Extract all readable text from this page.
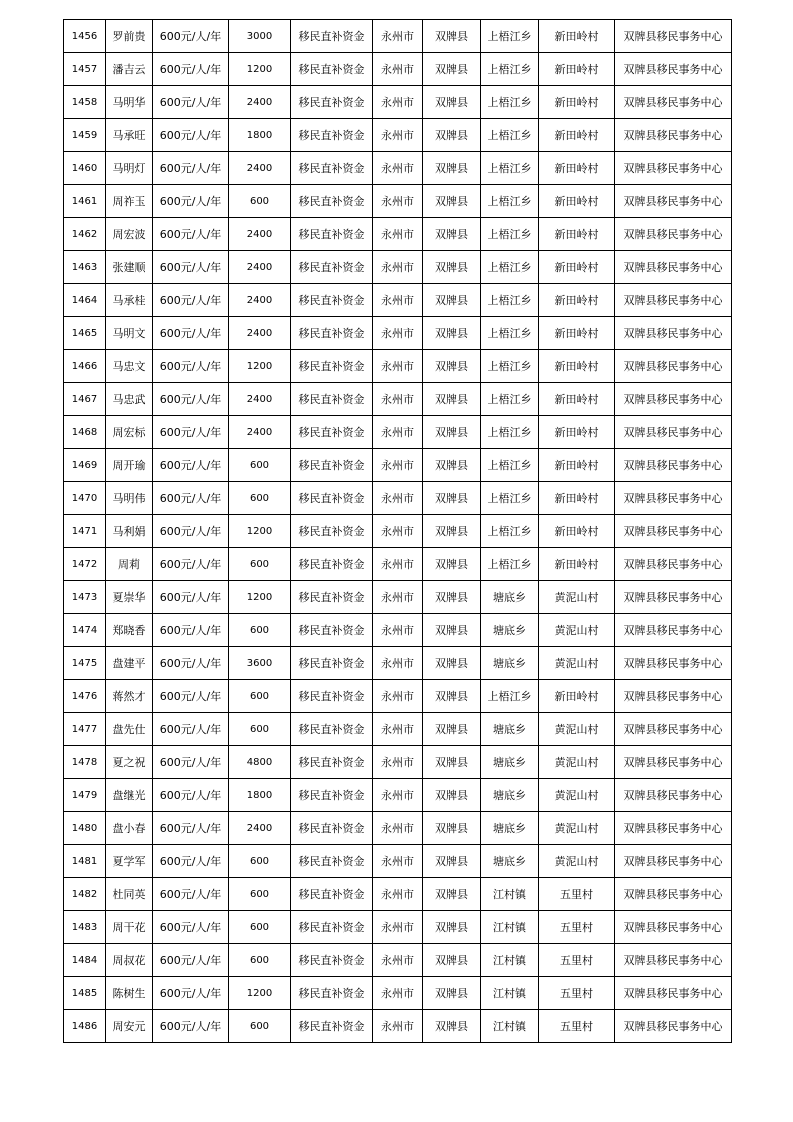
1456	罗前贵	600元/人/年	3000	移民直补资金	永州市	双牌县	上梧江乡	新田岭村	双牌县移民事务中心
1457	潘吉云	600元/人/年	1200	移民直补资金	永州市	双牌县	上梧江乡	新田岭村	双牌县移民事务中心
1458	马明华	600元/人/年	2400	移民直补资金	永州市	双牌县	上梧江乡	新田岭村	双牌县移民事务中心
1459	马承旺	600元/人/年	1800	移民直补资金	永州市	双牌县	上梧江乡	新田岭村	双牌县移民事务中心
1460	马明灯	600元/人/年	2400	移民直补资金	永州市	双牌县	上梧江乡	新田岭村	双牌县移民事务中心
1461	周祚玉	600元/人/年	600	移民直补资金	永州市	双牌县	上梧江乡	新田岭村	双牌县移民事务中心
1462	周宏波	600元/人/年	2400	移民直补资金	永州市	双牌县	上梧江乡	新田岭村	双牌县移民事务中心
1463	张建顺	600元/人/年	2400	移民直补资金	永州市	双牌县	上梧江乡	新田岭村	双牌县移民事务中心
1464	马承桂	600元/人/年	2400	移民直补资金	永州市	双牌县	上梧江乡	新田岭村	双牌县移民事务中心
1465	马明文	600元/人/年	2400	移民直补资金	永州市	双牌县	上梧江乡	新田岭村	双牌县移民事务中心
1466	马忠文	600元/人/年	1200	移民直补资金	永州市	双牌县	上梧江乡	新田岭村	双牌县移民事务中心
1467	马忠武	600元/人/年	2400	移民直补资金	永州市	双牌县	上梧江乡	新田岭村	双牌县移民事务中心
1468	周宏标	600元/人/年	2400	移民直补资金	永州市	双牌县	上梧江乡	新田岭村	双牌县移民事务中心
1469	周开瑜	600元/人/年	600	移民直补资金	永州市	双牌县	上梧江乡	新田岭村	双牌县移民事务中心
1470	马明伟	600元/人/年	600	移民直补资金	永州市	双牌县	上梧江乡	新田岭村	双牌县移民事务中心
1471	马利娟	600元/人/年	1200	移民直补资金	永州市	双牌县	上梧江乡	新田岭村	双牌县移民事务中心
1472	周莉	600元/人/年	600	移民直补资金	永州市	双牌县	上梧江乡	新田岭村	双牌县移民事务中心
1473	夏崇华	600元/人/年	1200	移民直补资金	永州市	双牌县	塘底乡	黄泥山村	双牌县移民事务中心
1474	郑晓香	600元/人/年	600	移民直补资金	永州市	双牌县	塘底乡	黄泥山村	双牌县移民事务中心
1475	盘建平	600元/人/年	3600	移民直补资金	永州市	双牌县	塘底乡	黄泥山村	双牌县移民事务中心
1476	蒋然才	600元/人/年	600	移民直补资金	永州市	双牌县	上梧江乡	新田岭村	双牌县移民事务中心
1477	盘先仕	600元/人/年	600	移民直补资金	永州市	双牌县	塘底乡	黄泥山村	双牌县移民事务中心
1478	夏之祝	600元/人/年	4800	移民直补资金	永州市	双牌县	塘底乡	黄泥山村	双牌县移民事务中心
1479	盘继光	600元/人/年	1800	移民直补资金	永州市	双牌县	塘底乡	黄泥山村	双牌县移民事务中心
1480	盘小春	600元/人/年	2400	移民直补资金	永州市	双牌县	塘底乡	黄泥山村	双牌县移民事务中心
1481	夏学军	600元/人/年	600	移民直补资金	永州市	双牌县	塘底乡	黄泥山村	双牌县移民事务中心
1482	杜同英	600元/人/年	600	移民直补资金	永州市	双牌县	江村镇	五里村	双牌县移民事务中心
1483	周干花	600元/人/年	600	移民直补资金	永州市	双牌县	江村镇	五里村	双牌县移民事务中心
1484	周叔花	600元/人/年	600	移民直补资金	永州市	双牌县	江村镇	五里村	双牌县移民事务中心
1485	陈树生	600元/人/年	1200	移民直补资金	永州市	双牌县	江村镇	五里村	双牌县移民事务中心
1486	周安元	600元/人/年	600	移民直补资金	永州市	双牌县	江村镇	五里村	双牌县移民事务中心
